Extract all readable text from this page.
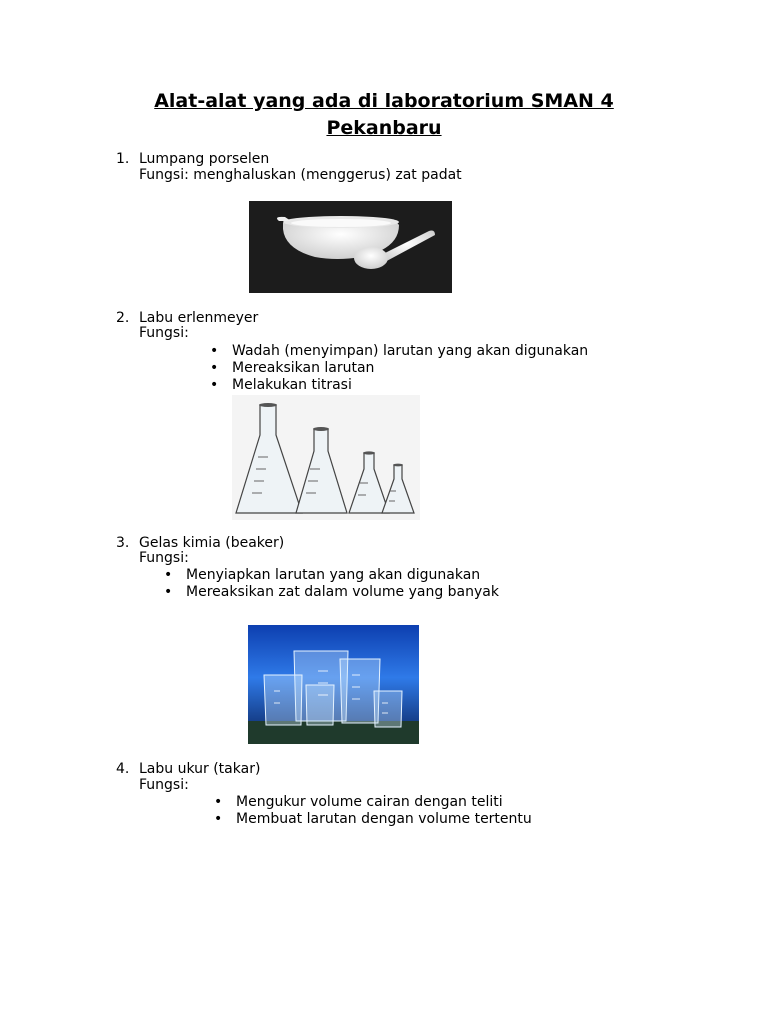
Alat-alat yang ada di laboratorium SMAN 4
Pekanbaru
1. Lumpang porselen
Fungsi: menghaluskan (menggerus) zat padat
2. Labu erlenmeyer
Fungsi:
• Wadah (menyimpan) larutan yang akan digunakan
• Mereaksikan larutan
• Melakukan titrasi
3. Gelas kimia (beaker)
Fungsi:
• Menyiapkan larutan yang akan digunakan
• Mereaksikan zat dalam volume yang banyak
4. Labu ukur (takar)
Fungsi:
• Mengukur volume cairan dengan teliti
• Membuat larutan dengan volume tertentu
